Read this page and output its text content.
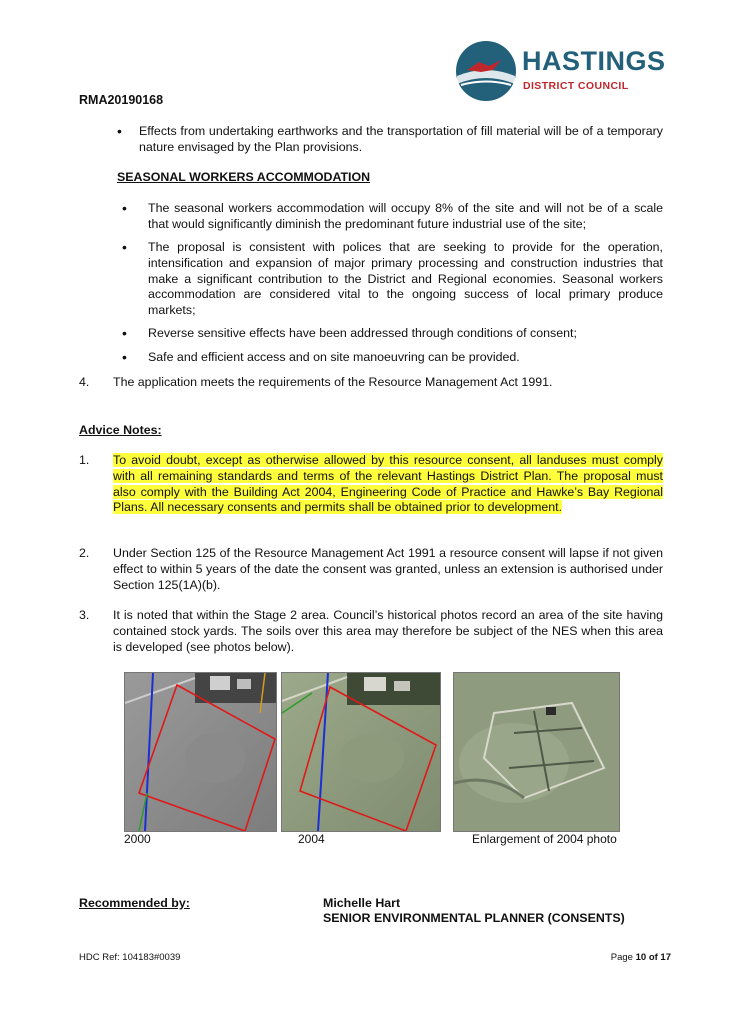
HASTINGS
DISTRICT COUNCIL
RMA20190168
• Effects from undertaking earthworks and the transportation of fill material will be of a temporary nature envisaged by the Plan provisions.
SEASONAL WORKERS ACCOMMODATION
• The seasonal workers accommodation will occupy 8% of the site and will not be of a scale that would significantly diminish the predominant future industrial use of the site;
• The proposal is consistent with polices that are seeking to provide for the operation, intensification and expansion of major primary processing and construction industries that make a significant contribution to the District and Regional economies. Seasonal workers accommodation are considered vital to the ongoing success of local primary produce markets;
• Reverse sensitive effects have been addressed through conditions of consent;
• Safe and efficient access and on site manoeuvring can be provided.
4. The application meets the requirements of the Resource Management Act 1991.
Advice Notes:
1. To avoid doubt, except as otherwise allowed by this resource consent, all landuses must comply with all remaining standards and terms of the relevant Hastings District Plan. The proposal must also comply with the Building Act 2004, Engineering Code of Practice and Hawke’s Bay Regional Plans. All necessary consents and permits shall be obtained prior to development.
2. Under Section 125 of the Resource Management Act 1991 a resource consent will lapse if not given effect to within 5 years of the date the consent was granted, unless an extension is authorised under Section 125(1A)(b).
3. It is noted that within the Stage 2 area. Council’s historical photos record an area of the site having contained stock yards. The soils over this area may therefore be subject of the NES when this area is developed (see photos below).
2000	2004	Enlargement of 2004 photo
Recommended by:	Michelle Hart
SENIOR ENVIRONMENTAL PLANNER (CONSENTS)
HDC Ref: 104183#0039	Page 10 of 17
